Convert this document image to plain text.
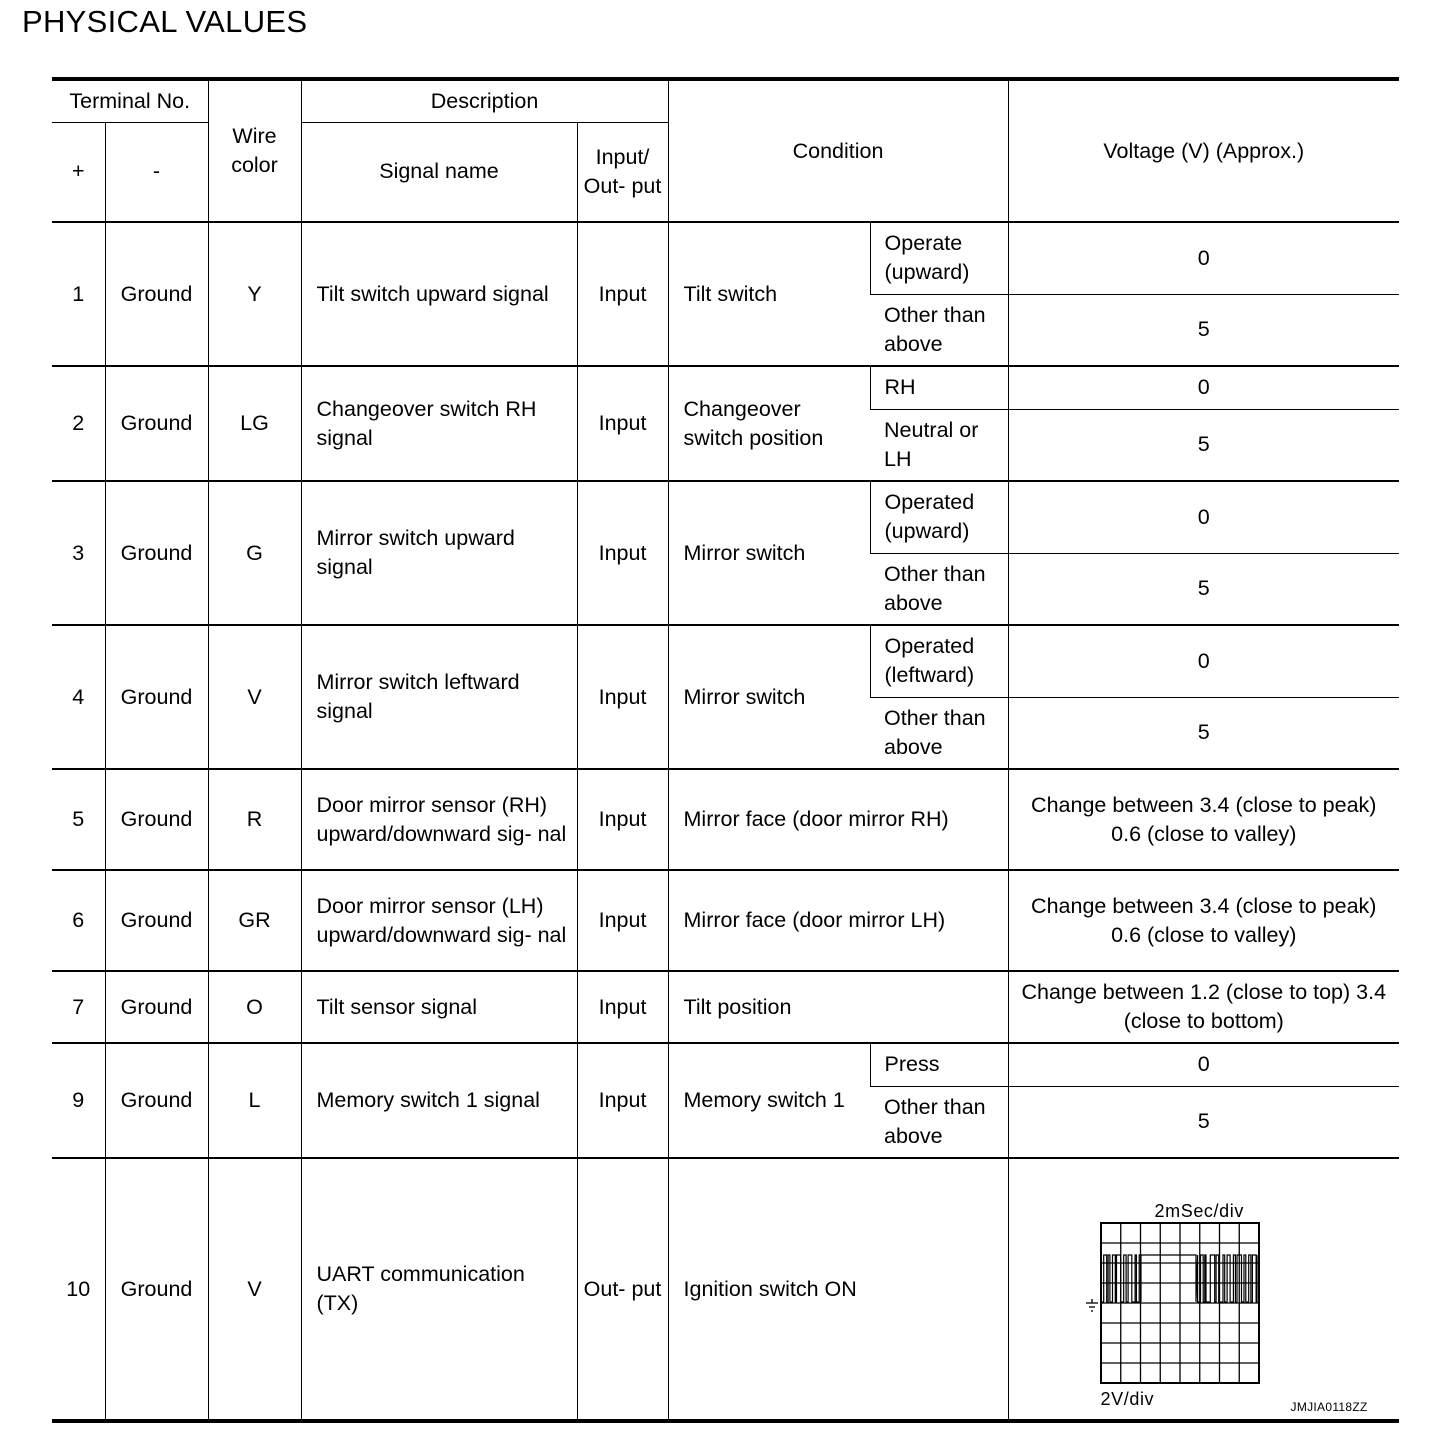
PHYSICAL VALUES
Terminal No.		Wire color	Description		Condition		Voltage (V) (Approx.)
+	-		Signal name	Input/ Out- put			
1	Ground	Y	Tilt switch upward signal	Input	Tilt switch	Operate (upward)	0
						Other than above	5
2	Ground	LG	Changeover switch RH signal	Input	Changeover switch position	RH	0
						Neutral or LH	5
3	Ground	G	Mirror switch upward signal	Input	Mirror switch	Operated (upward)	0
						Other than above	5
4	Ground	V	Mirror switch leftward signal	Input	Mirror switch	Operated (leftward)	0
						Other than above	5
5	Ground	R	Door mirror sensor (RH) upward/downward sig- nal	Input	Mirror face (door mirror RH)		Change between 3.4 (close to peak) 0.6 (close to valley)
6	Ground	GR	Door mirror sensor (LH) upward/downward sig- nal	Input	Mirror face (door mirror LH)		Change between 3.4 (close to peak) 0.6 (close to valley)
7	Ground	O	Tilt sensor signal	Input	Tilt position		Change between 1.2 (close to top) 3.4 (close to bottom)
9	Ground	L	Memory switch 1 signal	Input	Memory switch 1	Press	0
						Other than above	5
10	Ground	V	UART communication (TX)	Out- put	Ignition switch ON		2mSec/div
2V/div JMJIA0118ZZ
